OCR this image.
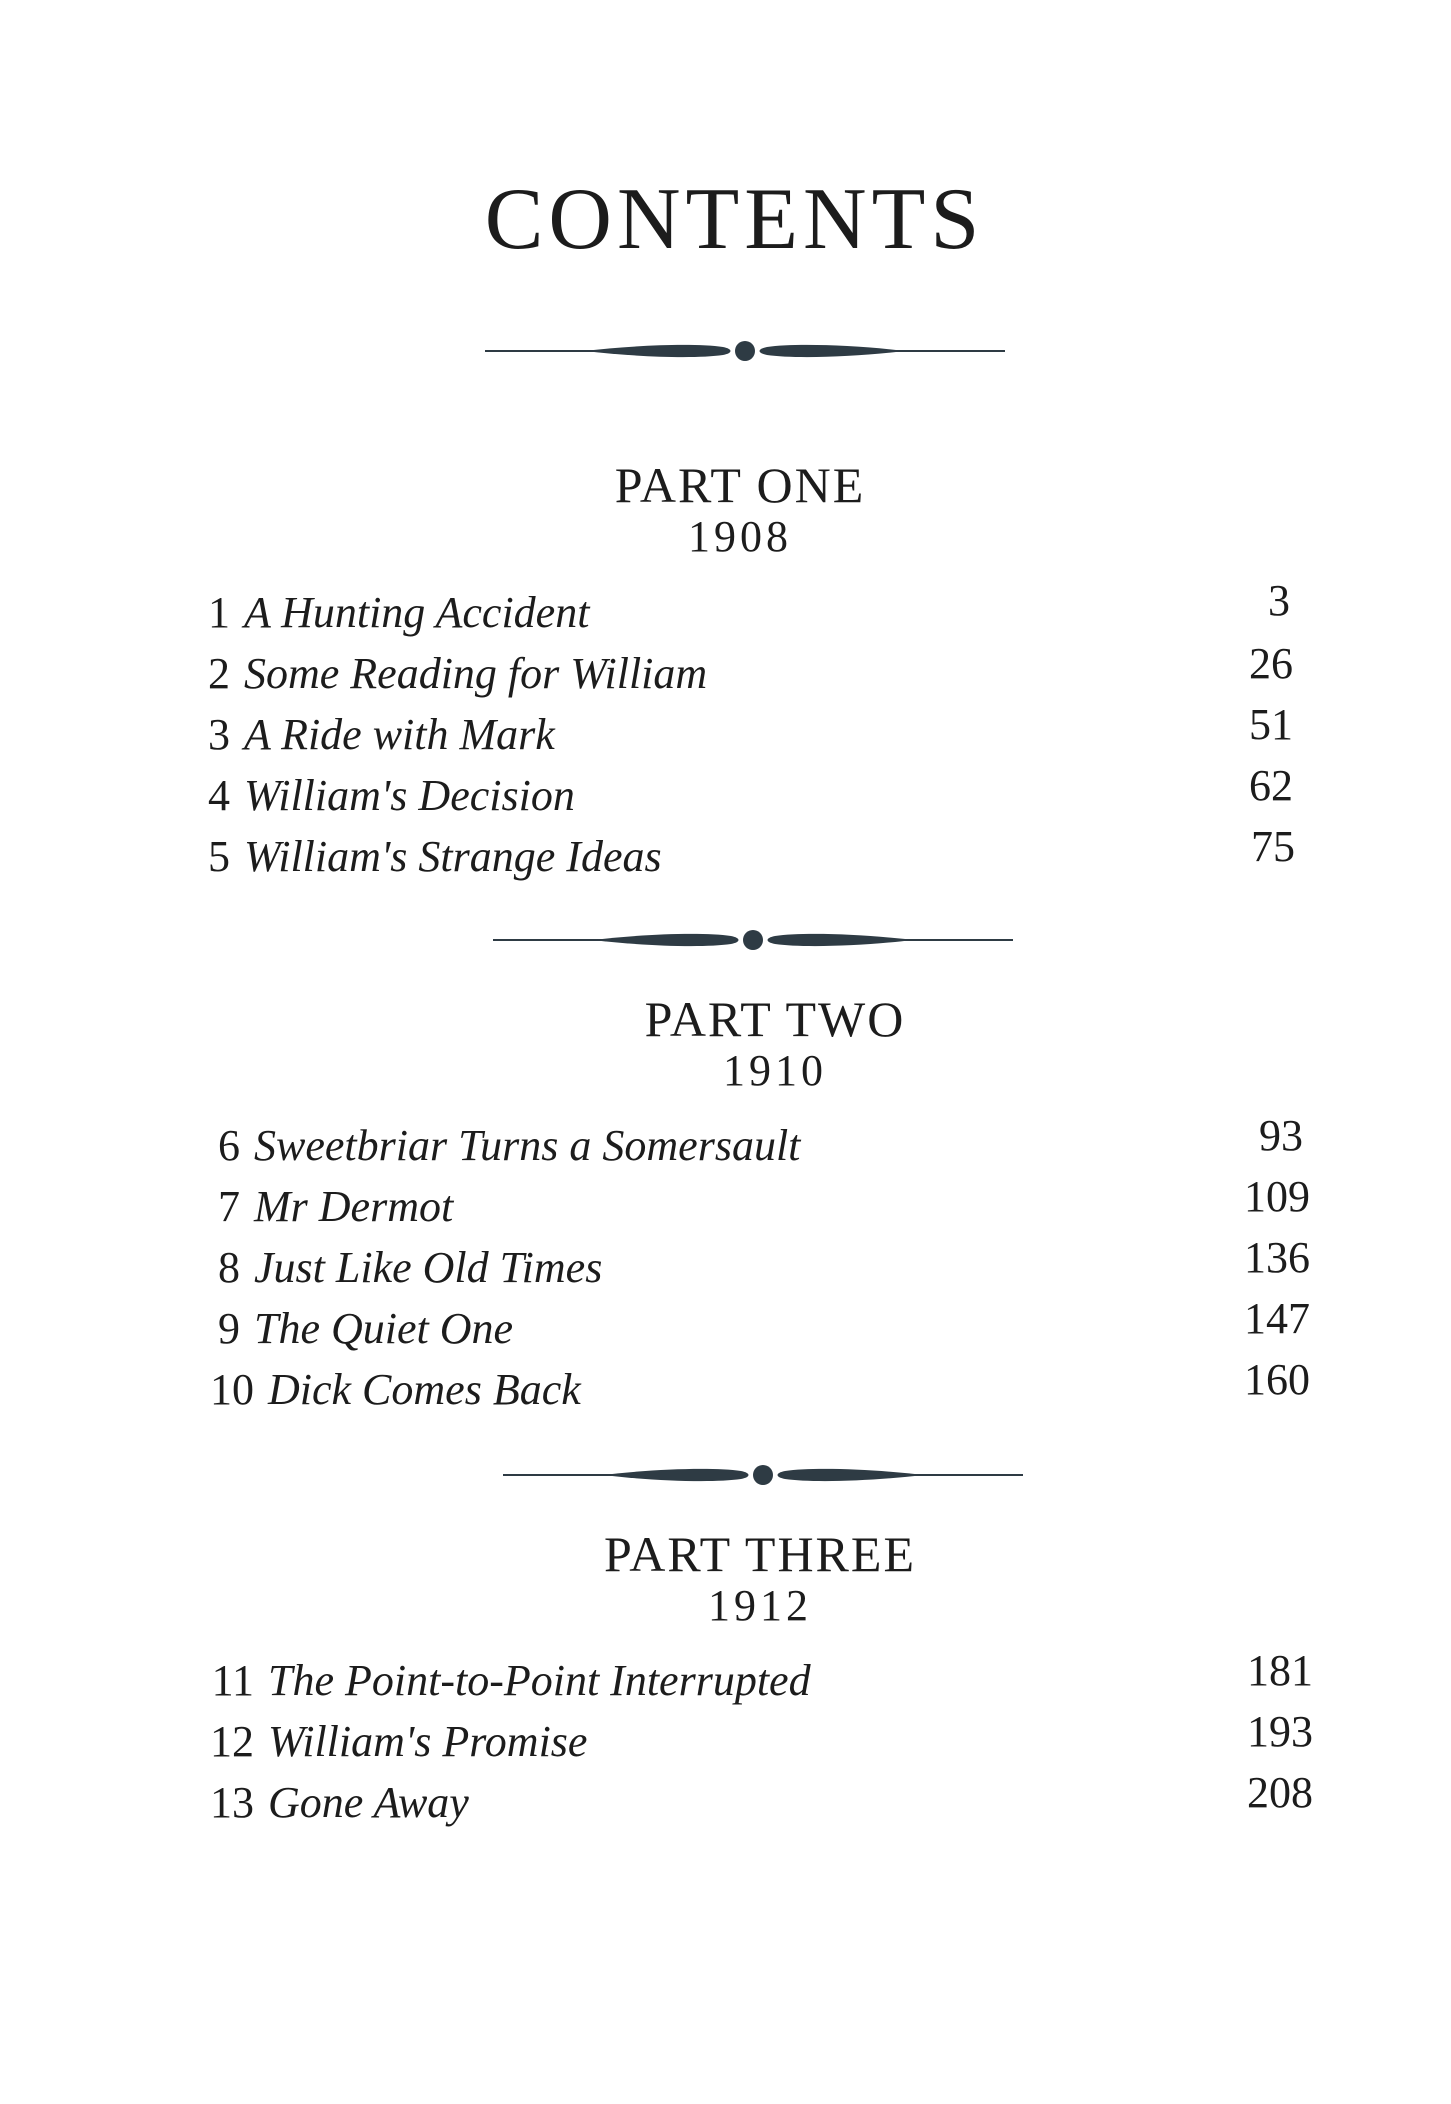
CONTENTS
PART ONE
1908
1 A Hunting Accident	3
2 Some Reading for William	26
3 A Ride with Mark	51
4 William's Decision	62
5 William's Strange Ideas	75
PART TWO
1910
6 Sweetbriar Turns a Somersault	93
7 Mr Dermot	109
8 Just Like Old Times	136
9 The Quiet One	147
10 Dick Comes Back	160
PART THREE
1912
11 The Point-to-Point Interrupted	181
12 William's Promise	193
13 Gone Away	208
